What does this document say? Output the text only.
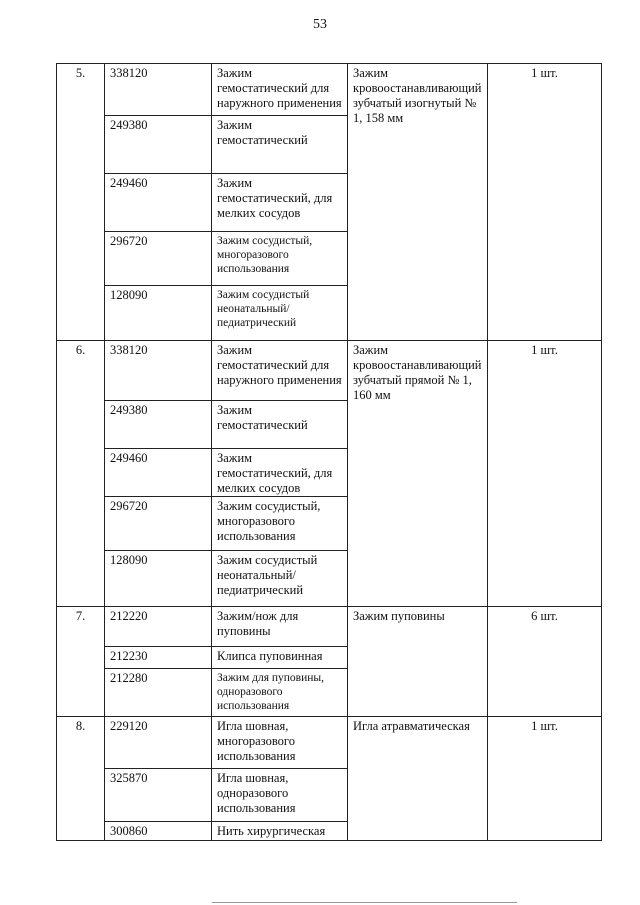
53
5.	338120	Зажим гемостатический для наружного применения	Зажим кровоостанавливающий зубчатый изогнутый № 1, 158 мм	1 шт.
	249380	Зажим гемостатический		
	249460	Зажим гемостатический, для мелких сосудов		
	296720	Зажим сосудистый, многоразового использования		
	128090	Зажим сосудистый неонатальный/педиатрический		
6.	338120	Зажим гемостатический для наружного применения	Зажим кровоостанавливающий зубчатый прямой № 1, 160 мм	1 шт.
	249380	Зажим гемостатический		
	249460	Зажим гемостатический, для мелких сосудов		
	296720	Зажим сосудистый, многоразового использования		
	128090	Зажим сосудистый неонатальный/педиатрический		
7.	212220	Зажим/нож для пуповины	Зажим пуповины	6 шт.
	212230	Клипса пуповинная		
	212280	Зажим для пуповины, одноразового использования		
8.	229120	Игла шовная, многоразового использования	Игла атравматическая	1 шт.
	325870	Игла шовная, одноразового использования		
	300860	Нить хирургическая		
